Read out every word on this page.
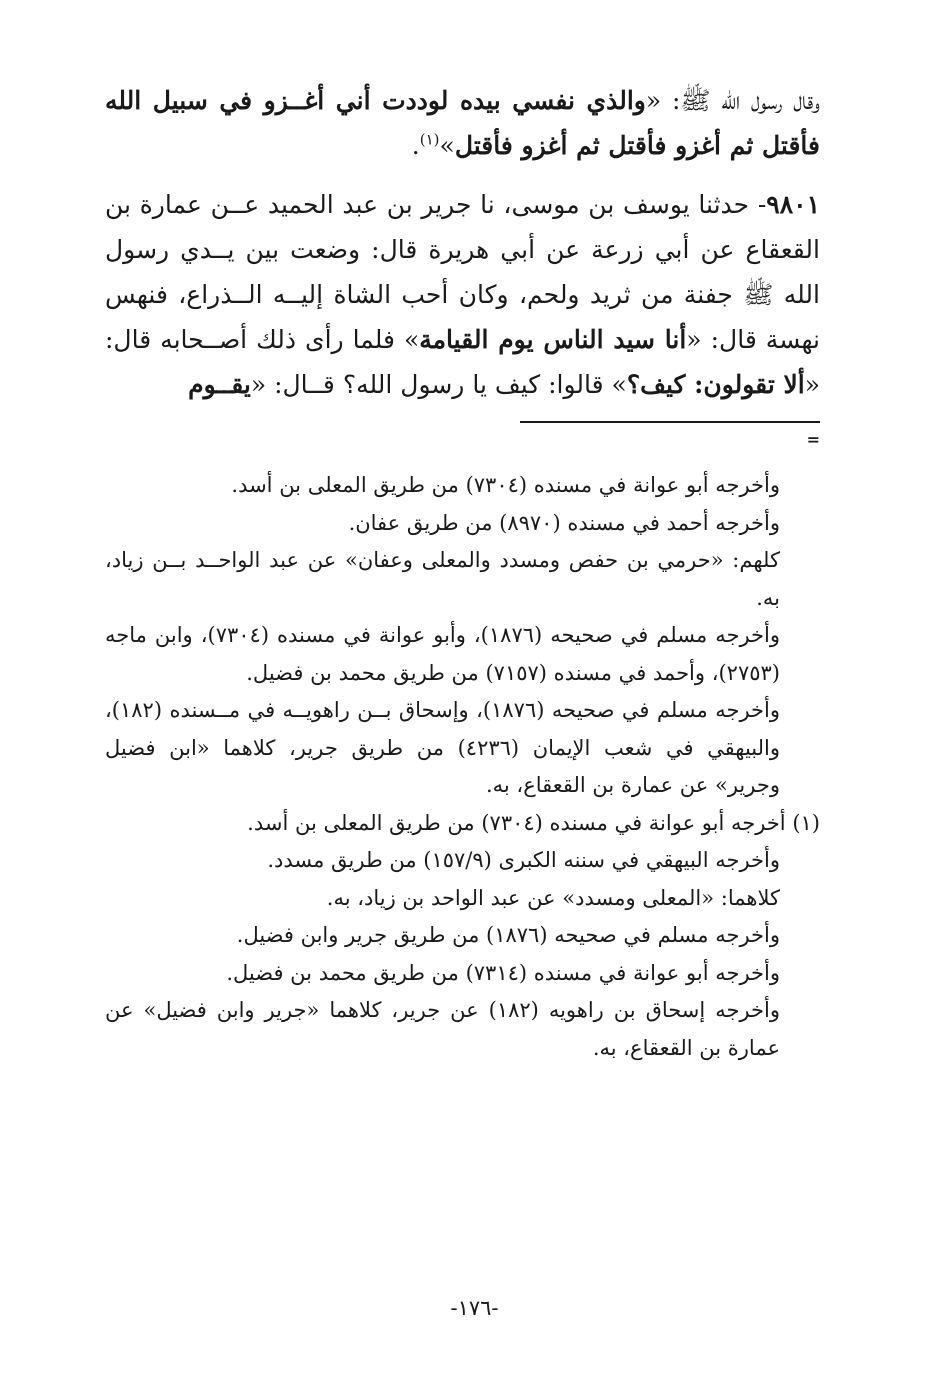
وقال رسول الله ﷺ: «والذي نفسي بيده لوددت أني أغــزو في سبيل الله فأقتل ثم أغزو فأقتل ثم أغزو فأقتل»$^{(١)}$.

٩٨٠١- حدثنا يوسف بن موسى، نا جرير بن عبد الحميد عــن عمارة بن القعقاع عن أبي زرعة عن أبي هريرة قال: وضعت بين يــدي رسول الله ﷺ جفنة من ثريد ولحم، وكان أحب الشاة إليــه الــذراع، فنهس نهسة قال: «أنا سيد الناس يوم القيامة» فلما رأى ذلك أصــحابه قال: «ألا تقولون: كيف؟» قالوا: كيف يا رسول الله؟ قــال: «يقــوم

=

وأخرجه أبو عوانة في مسنده (٧٣٠٤) من طريق المعلى بن أسد.

وأخرجه أحمد في مسنده (٨٩٧٠) من طريق عفان.

كلهم: «حرمي بن حفص ومسدد والمعلى وعفان» عن عبد الواحــد بــن زياد، به.

وأخرجه مسلم في صحيحه (١٨٧٦)، وأبو عوانة في مسنده (٧٣٠٤)، وابن ماجه (٢٧٥٣)، وأحمد في مسنده (٧١٥٧) من طريق محمد بن فضيل.

وأخرجه مسلم في صحيحه (١٨٧٦)، وإسحاق بــن راهويــه في مــسنده (١٨٢)، والبيهقي في شعب الإيمان (٤٢٣٦) من طريق جرير، كلاهما «ابن فضيل وجرير» عن عمارة بن القعقاع، به.

(١) أخرجه أبو عوانة في مسنده (٧٣٠٤) من طريق المعلى بن أسد.

وأخرجه البيهقي في سننه الكبرى (١٥٧/٩) من طريق مسدد.

كلاهما: «المعلى ومسدد» عن عبد الواحد بن زياد، به.

وأخرجه مسلم في صحيحه (١٨٧٦) من طريق جرير وابن فضيل.

وأخرجه أبو عوانة في مسنده (٧٣١٤) من طريق محمد بن فضيل.

وأخرجه إسحاق بن راهويه (١٨٢) عن جرير، كلاهما «جرير وابن فضيل» عن عمارة بن القعقاع، به.

-١٧٦-
